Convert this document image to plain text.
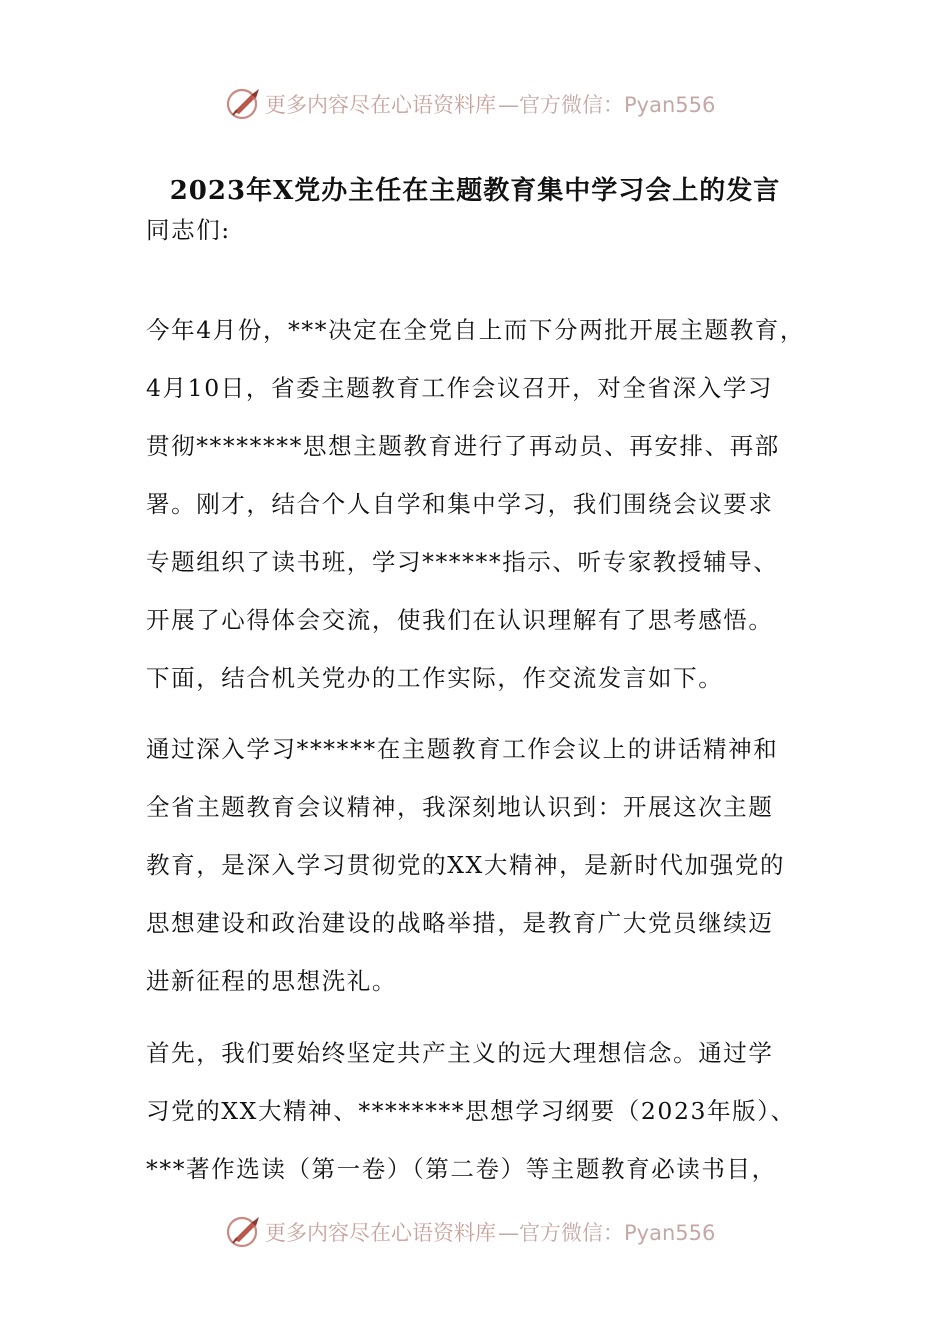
更多内容尽在心语资料库 —官方微信：Pyan556
2023年X党办主任在主题教育集中学习会上的发言
同志们:
今年4月份，***决定在全党自上而下分两批开展主题教育，
4月10日，省委主题教育工作会议召开，对全省深入学习
贯彻********思想主题教育进行了再动员、再安排、再部
署。刚才，结合个人自学和集中学习，我们围绕会议要求
专题组织了读书班，学习******指示、听专家教授辅导、
开展了心得体会交流，使我们在认识理解有了思考感悟。
下面，结合机关党办的工作实际，作交流发言如下。
通过深入学习******在主题教育工作会议上的讲话精神和
全省主题教育会议精神，我深刻地认识到：开展这次主题
教育，是深入学习贯彻党的XX大精神，是新时代加强党的
思想建设和政治建设的战略举措，是教育广大党员继续迈
进新征程的思想洗礼。
首先，我们要始终坚定共产主义的远大理想信念。通过学
习党的XX大精神、********思想学习纲要（2023年版）、
***著作选读（第一卷）（第二卷）等主题教育必读书目，
更多内容尽在心语资料库 —官方微信：Pyan556
